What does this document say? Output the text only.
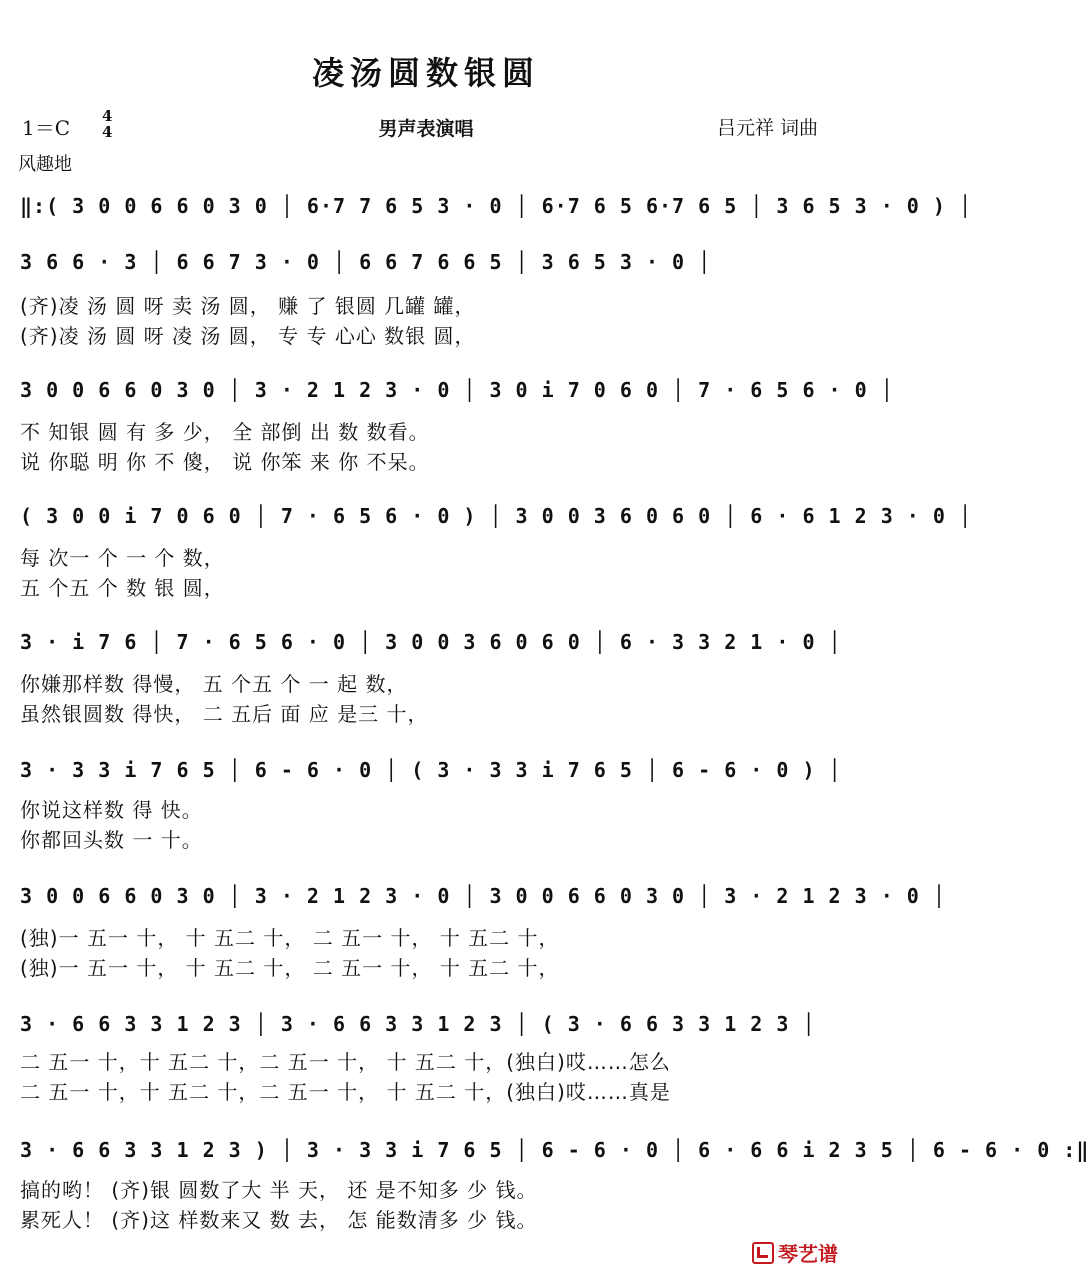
凌汤圆数银圆
1＝C 4
4	男声表演唱	吕元祥 词曲
风趣地
‖:( 3 0 0 6 6 0 3 0 │ 6·7 7 6 5 3 · 0 │ 6·7 6 5 6·7 6 5 │ 3 6 5 3 · 0 ) │
3 6 6 · 3 │ 6 6 7 3 · 0 │ 6 6 7 6 6 5 │ 3 6 5 3 · 0 │
(齐)凌 汤 圆 呀 卖 汤 圆， 赚 了 银圆 几罐 罐，
(齐)凌 汤 圆 呀 凌 汤 圆， 专 专 心心 数银 圆，
3 0 0 6 6 0 3 0 │ 3 · 2 1 2 3 · 0 │ 3 0 i 7 0 6 0 │ 7 · 6 5 6 · 0 │
不 知银 圆 有 多 少， 全 部倒 出 数 数看。
说 你聪 明 你 不 傻， 说 你笨 来 你 不呆。
( 3 0 0 i 7 0 6 0 │ 7 · 6 5 6 · 0 ) │ 3 0 0 3 6 0 6 0 │ 6 · 6 1 2 3 · 0 │
每 次一 个 一 个 数，
五 个五 个 数 银 圆，
3 · i 7 6 │ 7 · 6 5 6 · 0 │ 3 0 0 3 6 0 6 0 │ 6 · 3 3 2 1 · 0 │
你嫌那样数 得慢， 五 个五 个 一 起 数，
虽然银圆数 得快， 二 五后 面 应 是三 十，
3 · 3 3 i 7 6 5 │ 6 - 6 · 0 │ ( 3 · 3 3 i 7 6 5 │ 6 - 6 · 0 ) │
你说这样数 得 快。
你都回头数 一 十。
3 0 0 6 6 0 3 0 │ 3 · 2 1 2 3 · 0 │ 3 0 0 6 6 0 3 0 │ 3 · 2 1 2 3 · 0 │
(独)一 五一 十， 十 五二 十， 二 五一 十， 十 五二 十，
(独)一 五一 十， 十 五二 十， 二 五一 十， 十 五二 十，
3 · 6 6 3 3 1 2 3 │ 3 · 6 6 3 3 1 2 3 │ ( 3 · 6 6 3 3 1 2 3 │
二 五一 十，十 五二 十，二 五一 十， 十 五二 十，(独白)哎……怎么
二 五一 十，十 五二 十，二 五一 十， 十 五二 十，(独白)哎……真是
3 · 6 6 3 3 1 2 3 ) │ 3 · 3 3 i 7 6 5 │ 6 - 6 · 0 │ 6 · 6 6 i 2 3 5 │ 6 - 6 · 0 :‖
搞的哟！ (齐)银 圆数了大 半 天， 还 是不知多 少 钱。
累死人！ (齐)这 样数来又 数 去， 怎 能数清多 少 钱。
琴艺谱
